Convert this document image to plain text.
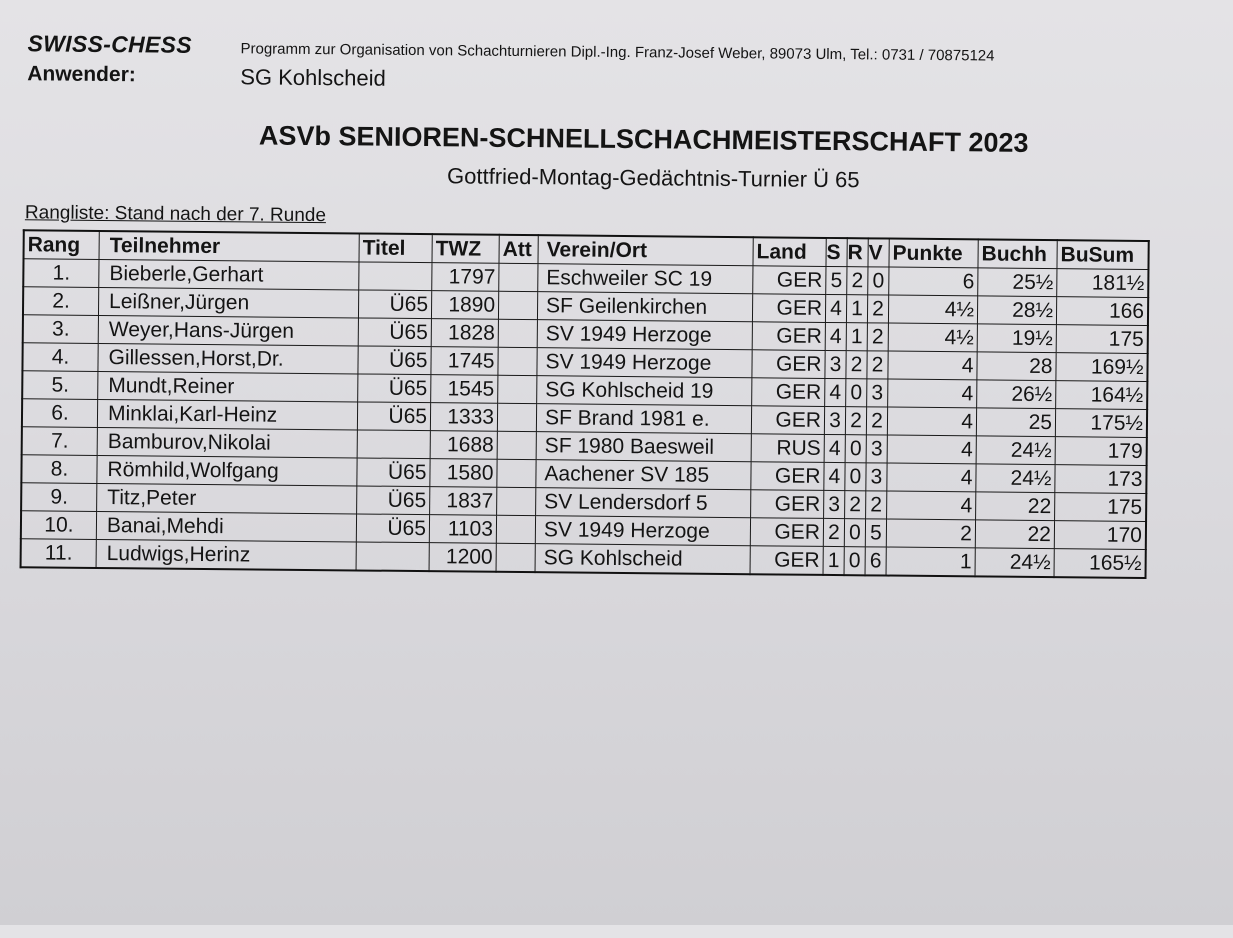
SWISS-CHESS	Programm zur Organisation von Schachturnieren Dipl.-Ing. Franz-Josef Weber, 89073 Ulm, Tel.: 0731 / 70875124
Anwender:	SG Kohlscheid
ASVb SENIOREN-SCHNELLSCHACHMEISTERSCHAFT 2023
Gottfried-Montag-Gedächtnis-Turnier Ü 65
Rangliste: Stand nach der 7. Runde
Rang	Teilnehmer	Titel	TWZ	Att	Verein/Ort	Land	S	R	V	Punkte	Buchh	BuSum
1.	Bieberle,Gerhart		1797		Eschweiler SC 19	GER	5	2	0	6	25½	181½
2.	Leißner,Jürgen	Ü65	1890		SF Geilenkirchen	GER	4	1	2	4½	28½	166
3.	Weyer,Hans-Jürgen	Ü65	1828		SV 1949 Herzoge	GER	4	1	2	4½	19½	175
4.	Gillessen,Horst,Dr.	Ü65	1745		SV 1949 Herzoge	GER	3	2	2	4	28	169½
5.	Mundt,Reiner	Ü65	1545		SG Kohlscheid 19	GER	4	0	3	4	26½	164½
6.	Minklai,Karl-Heinz	Ü65	1333		SF Brand 1981 e.	GER	3	2	2	4	25	175½
7.	Bamburov,Nikolai		1688		SF 1980 Baesweil	RUS	4	0	3	4	24½	179
8.	Römhild,Wolfgang	Ü65	1580		Aachener SV 185	GER	4	0	3	4	24½	173
9.	Titz,Peter	Ü65	1837		SV Lendersdorf 5	GER	3	2	2	4	22	175
10.	Banai,Mehdi	Ü65	1103		SV 1949 Herzoge	GER	2	0	5	2	22	170
11.	Ludwigs,Herinz		1200		SG Kohlscheid	GER	1	0	6	1	24½	165½
